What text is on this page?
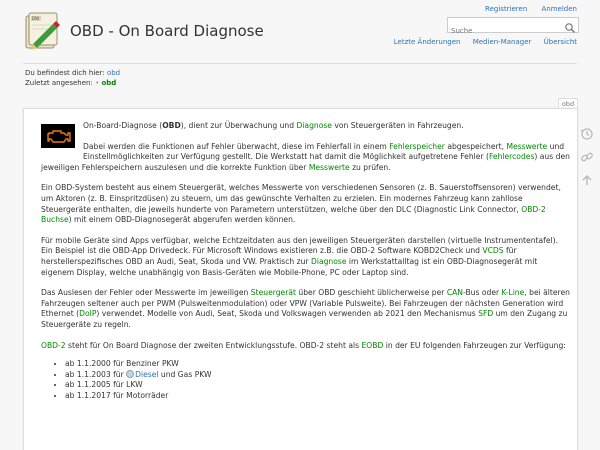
DW
OBD - On Board Diagnose
Registrieren Anmelden
Suche
Letzte Änderungen Medien-Manager Übersicht
Du befindest dich hier: obd
Zuletzt angesehen: • obd
obd

On-Board-Diagnose (OBD), dient zur Überwachung und Diagnose von Steuergeräten in Fahrzeugen.

Dabei werden die Funktionen auf Fehler überwacht, diese im Fehlerfall in einem Fehlerspeicher abgespeichert, Messwerte und Einstellmöglichkeiten zur Verfügung gestellt. Die Werkstatt hat damit die Möglichkeit aufgetretene Fehler (Fehlercodes) aus den jeweiligen Fehlerspeichern auszulesen und die korrekte Funktion über Messwerte zu prüfen.

Ein OBD-System besteht aus einem Steuergerät, welches Messwerte von verschiedenen Sensoren (z. B. Sauerstoffsensoren) verwendet, um Aktoren (z. B. Einspritzdüsen) zu steuern, um das gewünschte Verhalten zu erzielen. Ein modernes Fahrzeug kann zahllose Steuergeräte enthalten, die jeweils hunderte von Parametern unterstützen, welche über den DLC (Diagnostic Link Connector, OBD-2 Buchse) mit einem OBD-Diagnosegerät abgerufen werden können.

Für mobile Geräte sind Apps verfügbar, welche Echtzeitdaten aus den jeweiligen Steuergeräten darstellen (virtuelle Instrumententafel). Ein Beispiel ist die OBD-App Drivedeck. Für Microsoft Windows existieren z.B. die OBD-2 Software KOBD2Check und VCDS für herstellerspezifisches OBD an Audi, Seat, Skoda und VW. Praktisch zur Diagnose im Werkstattalltag ist ein OBD-Diagnosegerät mit eigenem Display, welche unabhängig von Basis-Geräten wie Mobile-Phone, PC oder Laptop sind.

Das Auslesen der Fehler oder Messwerte im jeweiligen Steuergerät über OBD geschieht üblicherweise per CAN-Bus oder K-Line, bei älteren Fahrzeugen seltener auch per PWM (Pulsweitenmodulation) oder VPW (Variable Pulsweite). Bei Fahrzeugen der nächsten Generation wird Ethernet (DoIP) verwendet. Modelle von Audi, Seat, Skoda und Volkswagen verwenden ab 2021 den Mechanismus SFD um den Zugang zu Steuergeräte zu regeln.

OBD-2 steht für On Board Diagnose der zweiten Entwicklungsstufe. OBD-2 steht als EOBD in der EU folgenden Fahrzeugen zur Verfügung:

• ab 1.1.2000 für Benziner PKW
• ab 1.1.2003 für Diesel und Gas PKW
• ab 1.1.2005 für LKW
• ab 1.1.2017 für Motorräder
